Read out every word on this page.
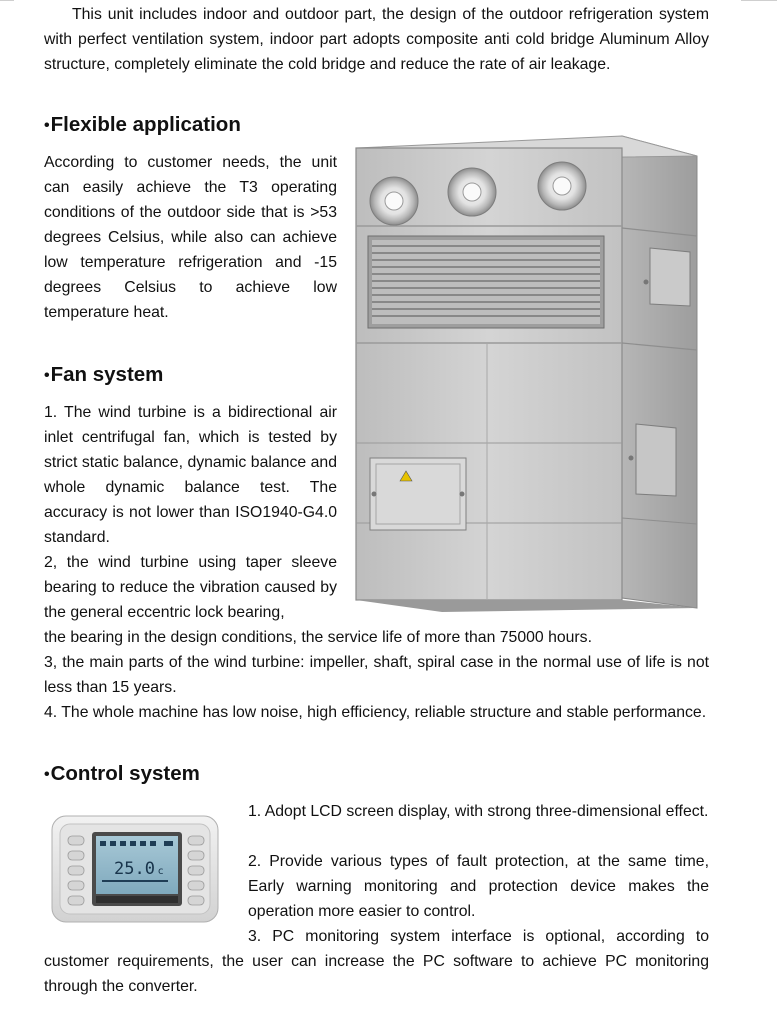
This unit includes indoor and outdoor part, the design of the outdoor refrigeration system with perfect ventilation system, indoor part adopts composite anti cold bridge Aluminum Alloy structure, completely eliminate the cold bridge and reduce the rate of air leakage.

•Flexible application

According to customer needs, the unit can easily achieve the T3 operating conditions of the outdoor side that is >53 degrees Celsius, while also can achieve low temperature refrigeration and -15 degrees Celsius to achieve low temperature heat.

•Fan system

1. The wind turbine is a bidirectional air inlet centrifugal fan, which is tested by strict static balance, dynamic balance and whole dynamic balance test. The accuracy is not lower than ISO1940-G4.0 standard.

2, the wind turbine using taper sleeve bearing to reduce the vibration caused by the general eccentric lock bearing,

the bearing in the design conditions, the service life of more than 75000 hours.

3, the main parts of the wind turbine: impeller, shaft, spiral case in the normal use of life is not less than 15 years.

4. The whole machine has low noise, high efficiency, reliable structure and stable performance.

•Control system

1. Adopt LCD screen display, with strong three-dimensional effect.

2. Provide various types of fault protection, at the same time, Early warning monitoring and protection device makes the operation more easier to control.

3. PC monitoring system interface is optional, according to

customer requirements, the user can increase the PC software to achieve PC monitoring through the converter.

25.0 c
